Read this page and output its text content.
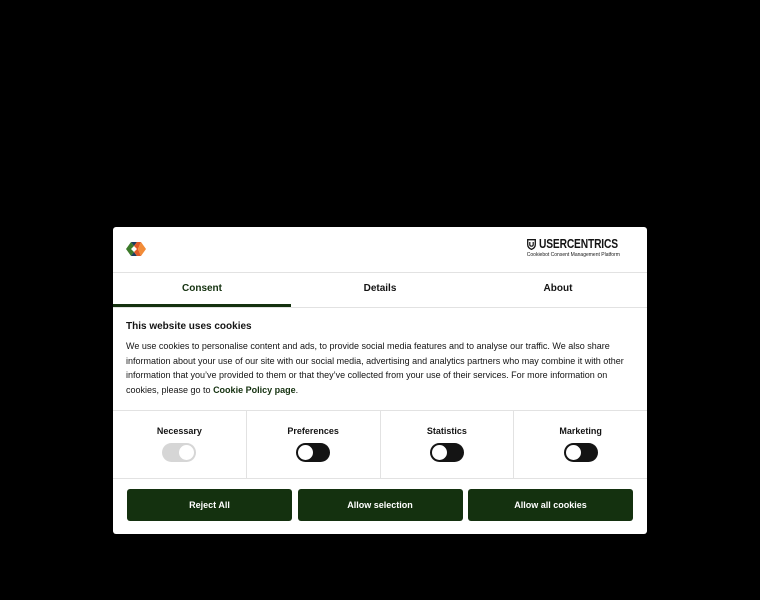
USERCENTRICS
Cookiebot Consent Management Platform
Consent	Details	About
This website uses cookies

We use cookies to personalise content and ads, to provide social media features and to analyse our traffic. We also share information about your use of our site with our social media, advertising and analytics partners who may combine it with other information that you’ve provided to them or that they’ve collected from your use of their services. For more information on cookies, please go to Cookie Policy page.

Necessary	Preferences	Statistics	Marketing
Reject All	Allow selection	Allow all cookies
